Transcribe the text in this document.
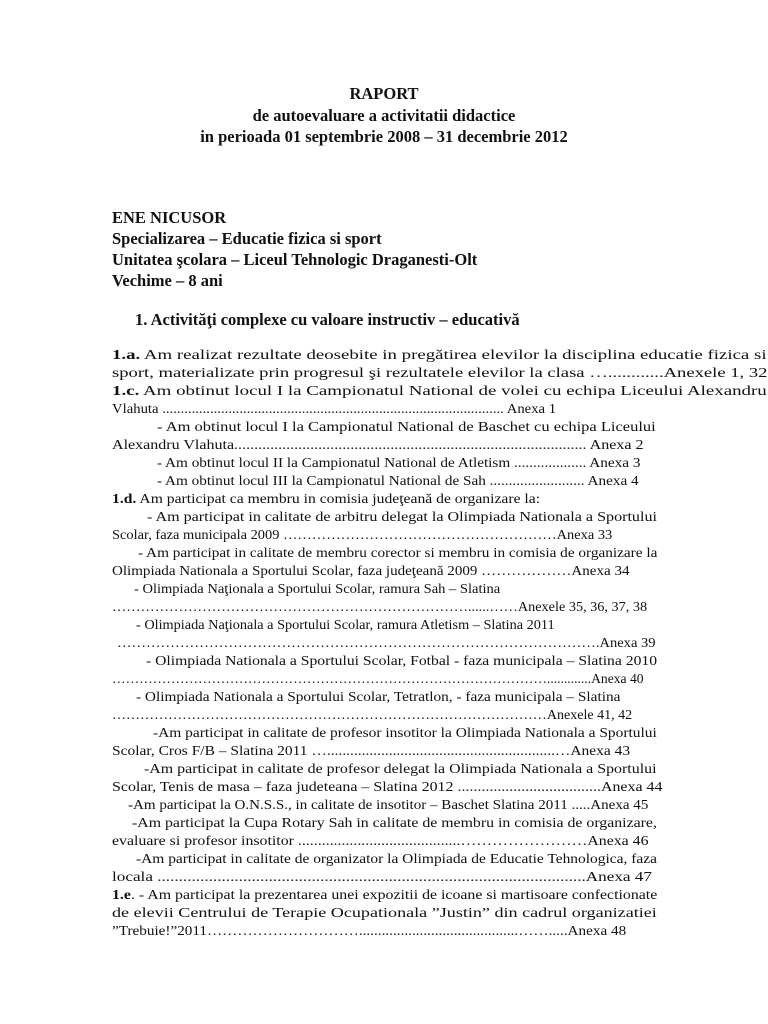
RAPORT
de autoevaluare a activitatii didactice
in perioada 01 septembrie 2008 – 31 decembrie 2012
ENE NICUSOR
Specializarea – Educatie fizica si sport
Unitatea şcolara – Liceul Tehnologic Draganesti-Olt
Vechime – 8 ani
1. Activităţi complexe cu valoare instructiv – educativă
1.a. Am realizat rezultate deosebite in pregătirea elevilor la disciplina educatie fizica si
sport, materializate prin progresul şi rezultatele elevilor la clasa …............Anexele 1, 32
1.c. Am obtinut locul I la Campionatul National de volei cu echipa Liceului Alexandru
Vlahuta ............................................................................................. Anexa 1
- Am obtinut locul I la Campionatul National de Baschet cu echipa Liceului
Alexandru Vlahuta........................................................................................ Anexa 2
- Am obtinut locul II la Campionatul National de Atletism ................... Anexa 3
- Am obtinut locul III la Campionatul National de Sah ......................... Anexa 4
1.d. Am participat ca membru in comisia judeţeană de organizare la:
- Am participat in calitate de arbitru delegat la Olimpiada Nationala a Sportului
Scolar, faza municipala 2009 …………………………………………………Anexa 33
- Am participat in calitate de membru corector si membru in comisia de organizare la
Olimpiada Nationala a Sportului Scolar, faza judeţeană 2009 ………………Anexa 34
- Olimpiada Naţionala a Sportului Scolar, ramura Sah – Slatina
…………………………………………………………………......……Anexele 35, 36, 37, 38
- Olimpiada Naţionala a Sportului Scolar, ramura Atletism – Slatina 2011
……………………………………………………………………………………….Anexa 39
- Olimpiada Nationala a Sportului Scolar, Fotbal - faza municipala – Slatina 2010
…………………………………………………………………………………….............Anexa 40
- Olimpiada Nationala a Sportului Scolar, Tetratlon, - faza municipala – Slatina
…………………………………………………………………………………Anexele 41, 42
-Am participat in calitate de profesor insotitor la Olimpiada Nationala a Sportului
Scolar, Cros F/B – Slatina 2011 …...........................................................…Anexa 43
-Am participat in calitate de profesor delegat la Olimpiada Nationala a Sportului
Scolar, Tenis de masa – faza judeteana – Slatina 2012 ....................................Anexa 44
-Am participat la O.N.S.S., in calitate de insotitor – Baschet Slatina 2011 .....Anexa 45
-Am participat la Cupa Rotary Sah in calitate de membru in comisia de organizare,
evaluare si profesor insotitor .........................................……………………Anexa 46
-Am participat in calitate de organizator la Olimpiada de Educatie Tehnologica, faza
locala ....................................................................................................Anexa 47
1.e. - Am participat la prezentarea unei expozitii de icoane si martisoare confectionate
de elevii Centrului de Terapie Ocupationala ”Justin” din cadrul organizatiei
”Trebuie!”2011…………………………..........................................…….....Anexa 48
